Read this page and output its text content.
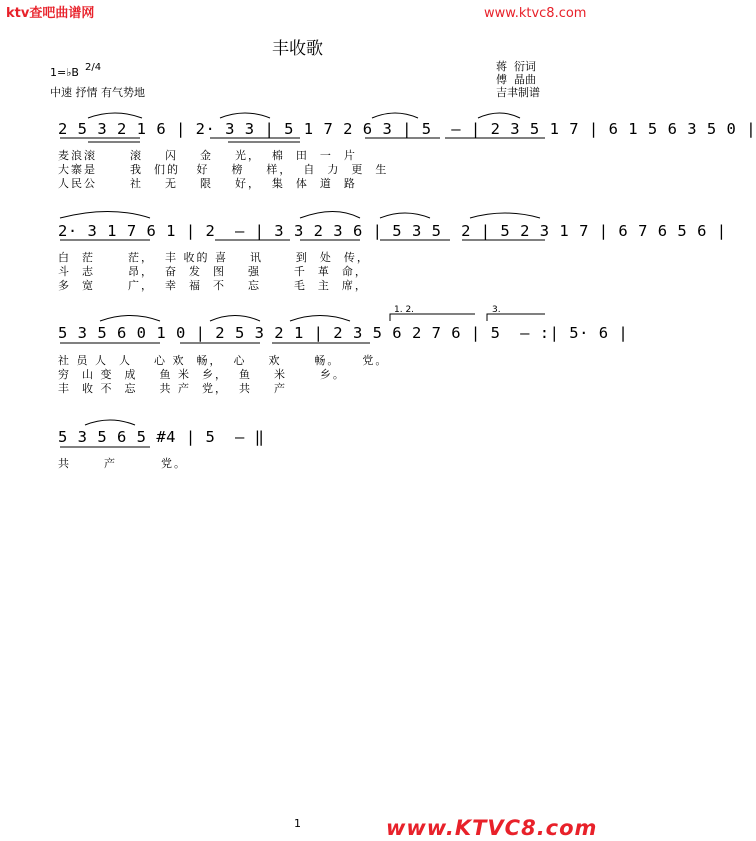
ktv查吧曲谱网	www.ktvc8.com
丰收歌
1=♭B 2/4
中速 抒情 有气势地
蒋  衍词
傅  晶曲
吉聿制谱
2 5 3 2 1 6 | 2· 3 3 | 5 1 7 2 6 3 | 5  – | 2 3 5 1 7 | 6 1 5 6 3 5 0 |
麦浪滚      滚    闪    金    光，  棉  田  一  片
大寨是      我  们的   好    榜    样，  自  力  更  生
人民公      社    无    限    好，  集  体  道  路
2· 3 1 7 6 1 | 2  – | 3 3 2 3 6 | 5 3 5  2 | 5 2 3 1 7 | 6 7 6 5 6 |
白  茫      茫，  丰 收的 喜    讯      到  处  传，
斗  志      昂，  奋  发  图    强      千  革  命，
多  宽      广，  幸  福  不    忘      毛  主  席，
1. 2.	3.
5 3 5 6 0 1 0 | 2 5 3 2 1 | 2 3 5 6 2 7 6 | 5  – :| 5· 6 |
社 员 人  人    心 欢  畅，  心    欢      畅。    党。
穷  山 变  成    鱼 米  乡，  鱼    米      乡。
丰  收 不  忘    共 产  党，  共    产
5 3 5 6 5 #4 | 5  – ‖
共      产        党。
1	www.KTVC8.com
